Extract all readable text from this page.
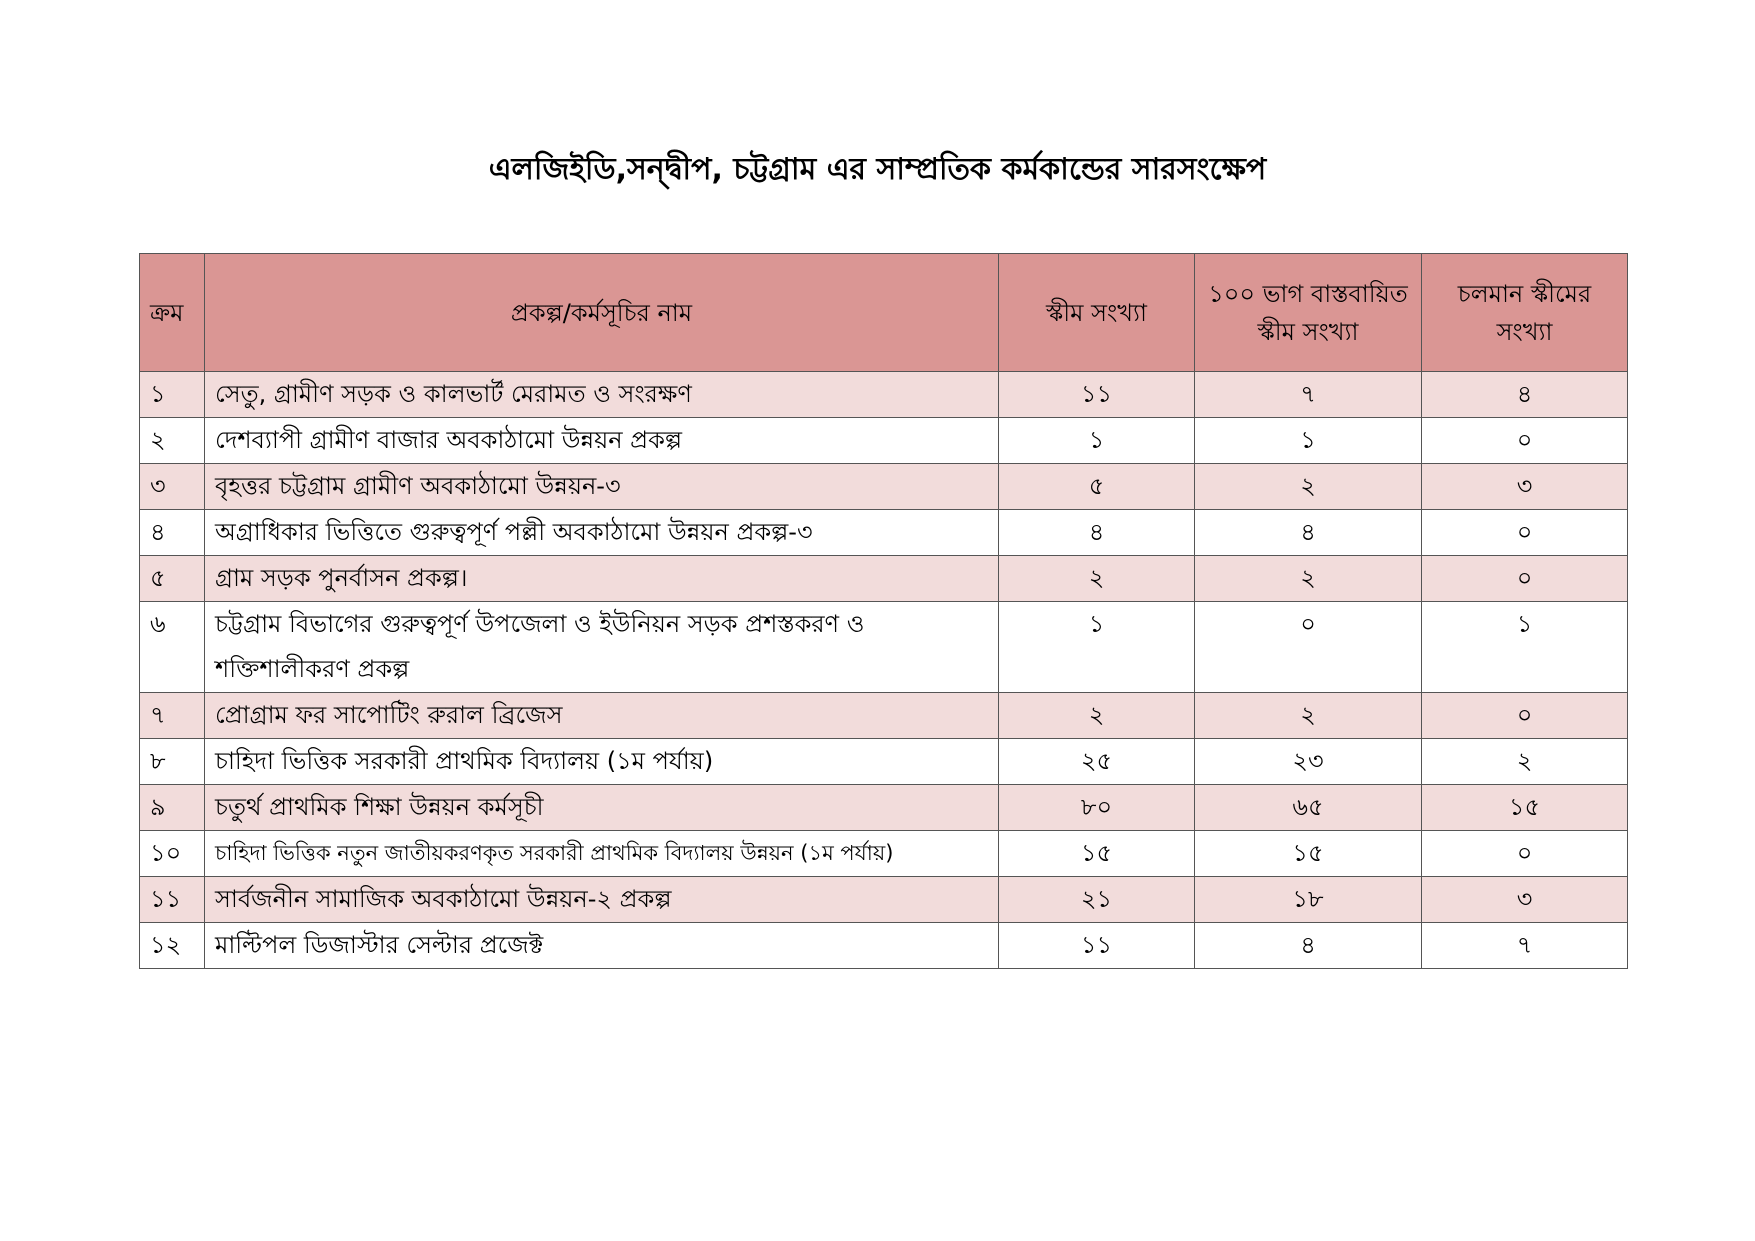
এলজিইডি,সন্দ্বীপ, চট্টগ্রাম এর সাম্প্রতিক কর্মকান্ডের সারসংক্ষেপ
ক্রম	প্রকল্প/কর্মসূচির নাম	স্কীম সংখ্যা	১০০ ভাগ বাস্তবায়িত স্কীম সংখ্যা	চলমান স্কীমের সংখ্যা
১	সেতু, গ্রামীণ সড়ক ও কালভার্ট মেরামত ও সংরক্ষণ	১১	৭	৪
২	দেশব্যাপী গ্রামীণ বাজার অবকাঠামো উন্নয়ন প্রকল্প	১	১	০
৩	বৃহত্তর চট্টগ্রাম গ্রামীণ অবকাঠামো উন্নয়ন-৩	৫	২	৩
৪	অগ্রাধিকার ভিত্তিতে গুরুত্বপূর্ণ পল্লী অবকাঠামো উন্নয়ন প্রকল্প-৩	৪	৪	০
৫	গ্রাম সড়ক পুনর্বাসন প্রকল্প।	২	২	০
৬	চট্টগ্রাম বিভাগের গুরুত্বপূর্ণ উপজেলা ও ইউনিয়ন সড়ক প্রশস্তকরণ ও শক্তিশালীকরণ প্রকল্প	১	০	১
৭	প্রোগ্রাম ফর সাপোটিং রুরাল ব্রিজেস	২	২	০
৮	চাহিদা ভিত্তিক সরকারী প্রাথমিক বিদ্যালয় (১ম পর্যায়)	২৫	২৩	২
৯	চতুর্থ প্রাথমিক শিক্ষা উন্নয়ন কর্মসূচী	৮০	৬৫	১৫
১০	চাহিদা ভিত্তিক নতুন জাতীয়করণকৃত সরকারী প্রাথমিক বিদ্যালয় উন্নয়ন (১ম পর্যায়)	১৫	১৫	০
১১	সার্বজনীন সামাজিক অবকাঠামো উন্নয়ন-২ প্রকল্প	২১	১৮	৩
১২	মাল্টিপল ডিজাস্টার সেল্টার প্রজেক্ট	১১	৪	৭
